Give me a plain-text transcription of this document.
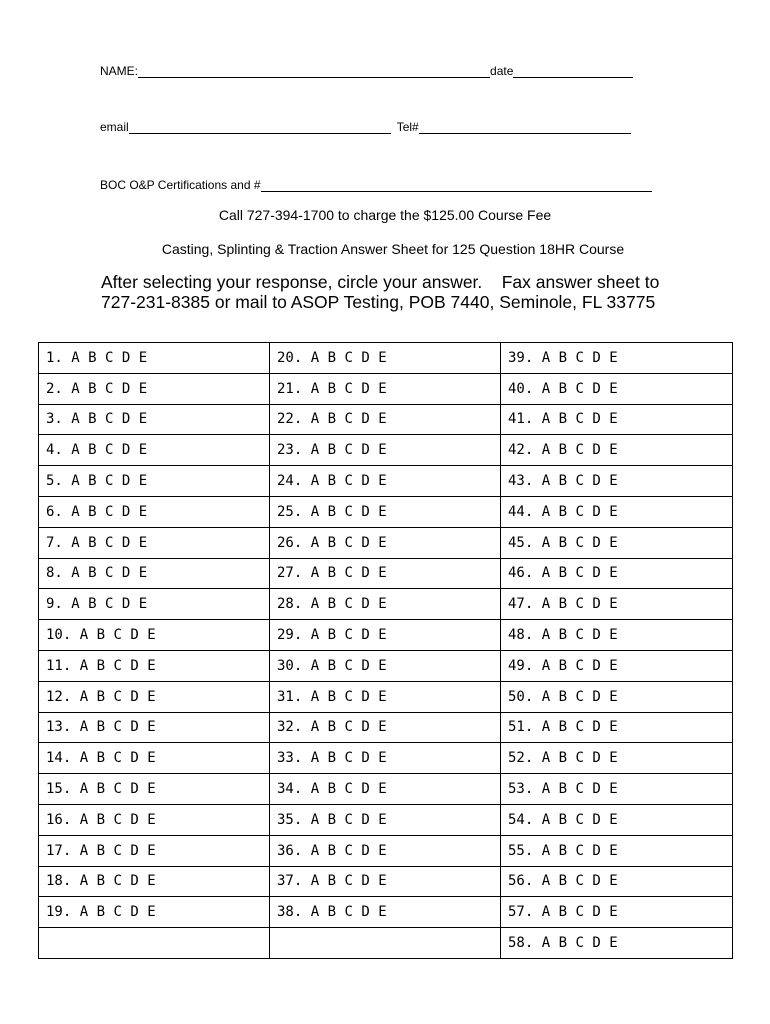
NAME:	date
email	Tel#
BOC O&P Certifications and #
Call 727-394-1700 to charge the $125.00 Course Fee
Casting, Splinting & Traction Answer Sheet for 125 Question 18HR Course
After selecting your response, circle your answer.    Fax answer sheet to  727-231-8385 or mail to ASOP Testing, POB 7440, Seminole, FL 33775
1. A B C D E	20. A B C D E	39. A B C D E
2. A B C D E	21. A B C D E	40. A B C D E
3. A B C D E	22. A B C D E	41. A B C D E
4. A B C D E	23. A B C D E	42. A B C D E
5. A B C D E	24. A B C D E	43. A B C D E
6. A B C D E	25. A B C D E	44. A B C D E
7. A B C D E	26. A B C D E	45. A B C D E
8. A B C D E	27. A B C D E	46. A B C D E
9. A B C D E	28. A B C D E	47. A B C D E
10. A B C D E	29. A B C D E	48. A B C D E
11. A B C D E	30. A B C D E	49. A B C D E
12. A B C D E	31. A B C D E	50. A B C D E
13. A B C D E	32. A B C D E	51. A B C D E
14. A B C D E	33. A B C D E	52. A B C D E
15. A B C D E	34. A B C D E	53. A B C D E
16. A B C D E	35. A B C D E	54. A B C D E
17. A B C D E	36. A B C D E	55. A B C D E
18. A B C D E	37. A B C D E	56. A B C D E
19. A B C D E	38. A B C D E	57. A B C D E
		58. A B C D E
